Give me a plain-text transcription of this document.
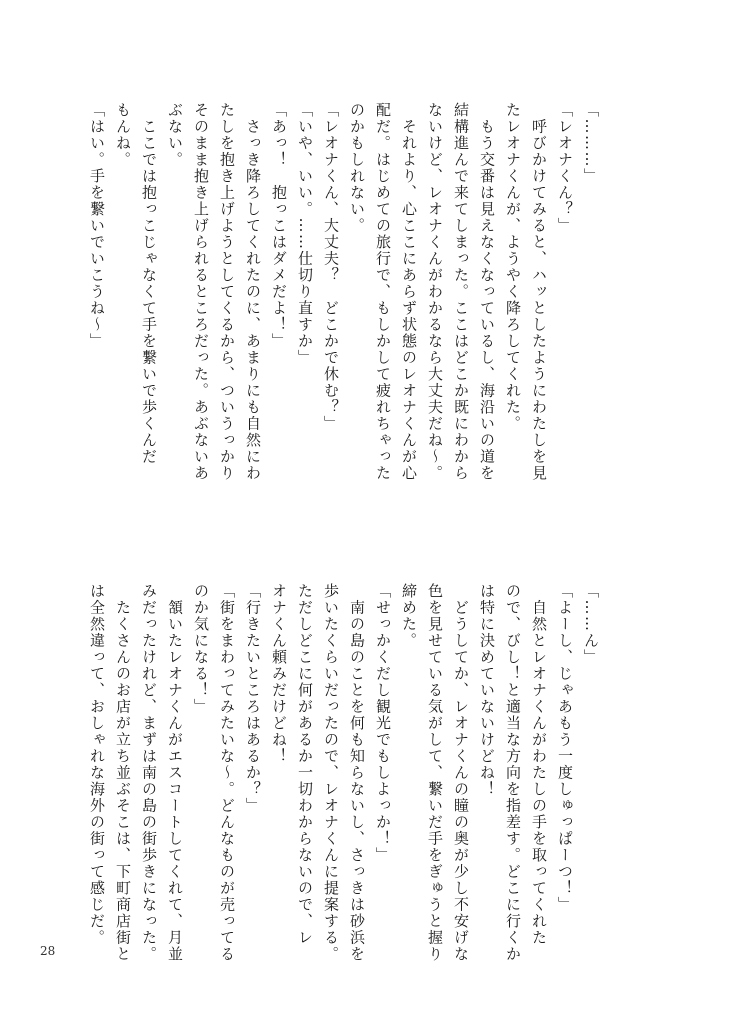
「………」
「レオナくん？」
　呼びかけてみると、ハッとしたようにわたしを見
たレオナくんが、ようやく降ろしてくれた。
　もう交番は見えなくなっているし、海沿いの道を
結構進んで来てしまった。ここはどこか既にわから
ないけど、レオナくんがわかるなら大丈夫だね〜。
　それより、心ここにあらず状態のレオナくんが心
配だ。はじめての旅行で、もしかして疲れちゃった
のかもしれない。
「レオナくん、大丈夫？　どこかで休む？」
「いや、いい。……仕切り直すか」
「あっ！　抱っこはダメだよ！」
　さっき降ろしてくれたのに、あまりにも自然にわ
たしを抱き上げようとしてくるから、ついうっかり
そのまま抱き上げられるところだった。あぶないあ
ぶない。
　ここでは抱っこじゃなくて手を繋いで歩くんだ
もんね。
「はい。手を繋いでいこうね〜」
「……ん」
「よーし、じゃあもう一度しゅっぱーつ！」
　自然とレオナくんがわたしの手を取ってくれた
ので、びし！と適当な方向を指差す。どこに行くか
は特に決めていないけどね！
　どうしてか、レオナくんの瞳の奥が少し不安げな
色を見せている気がして、繋いだ手をぎゅうと握り
締めた。
「せっかくだし観光でもしよっか！」
　南の島のことを何も知らないし、さっきは砂浜を
歩いたくらいだったので、レオナくんに提案する。
ただしどこに何があるか一切わからないので、レ
オナくん頼みだけどね！
「行きたいところはあるか？」
「街をまわってみたいな〜。どんなものが売ってる
のか気になる！」
　頷いたレオナくんがエスコートしてくれて、月並
みだったけれど、まずは南の島の街歩きになった。
　たくさんのお店が立ち並ぶそこは、下町商店街と
は全然違って、おしゃれな海外の街って感じだ。
28
